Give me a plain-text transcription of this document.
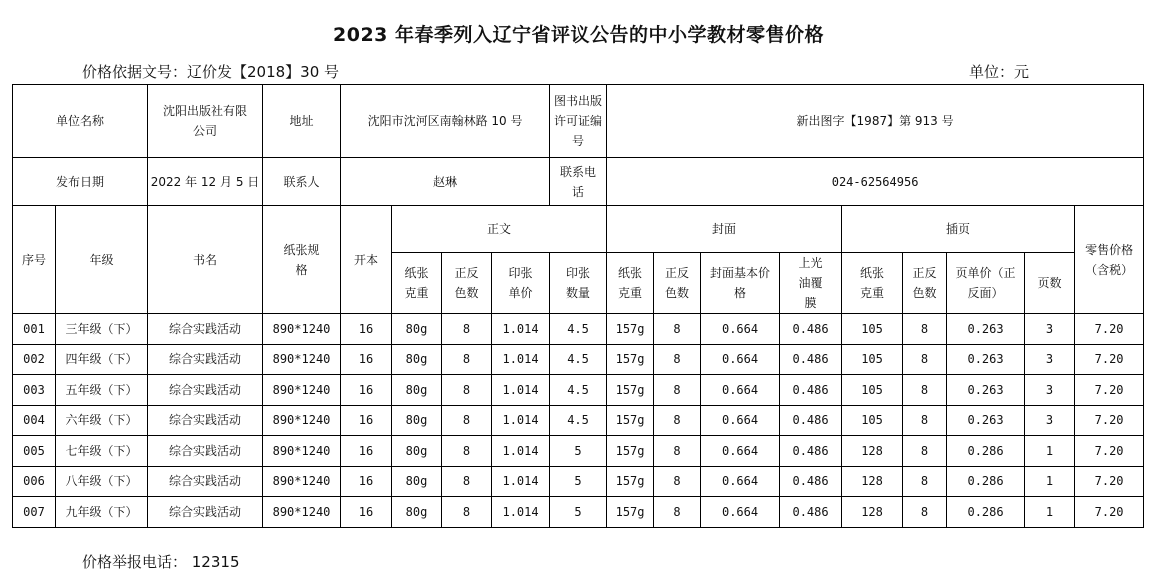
2023 年春季列入辽宁省评议公告的中小学教材零售价格
价格依据文号：辽价发【2018】30 号	单位：元
单位名称		沈阳出版社有限公司	地址	沈阳市沈河区南翰林路 10 号				图书出版许可证编号	新出图字【1987】第 913 号								
发布日期		2022 年 12 月 5 日	联系人	赵琳				联系电话	024-62564956								
序号	年级	书名	纸张规格	开本	正文				封面				插页				零售价格（含税）
					纸张克重	正反色数	印张单价	印张数量	纸张克重	正反色数	封面基本价格	上光油覆膜	纸张克重	正反色数	页单价（正反面）	页数	
001	三年级（下）	综合实践活动	890*1240	16	80g	8	1.014	4.5	157g	8	0.664	0.486	105	8	0.263	3	7.20
002	四年级（下）	综合实践活动	890*1240	16	80g	8	1.014	4.5	157g	8	0.664	0.486	105	8	0.263	3	7.20
003	五年级（下）	综合实践活动	890*1240	16	80g	8	1.014	4.5	157g	8	0.664	0.486	105	8	0.263	3	7.20
004	六年级（下）	综合实践活动	890*1240	16	80g	8	1.014	4.5	157g	8	0.664	0.486	105	8	0.263	3	7.20
005	七年级（下）	综合实践活动	890*1240	16	80g	8	1.014	5	157g	8	0.664	0.486	128	8	0.286	1	7.20
006	八年级（下）	综合实践活动	890*1240	16	80g	8	1.014	5	157g	8	0.664	0.486	128	8	0.286	1	7.20
007	九年级（下）	综合实践活动	890*1240	16	80g	8	1.014	5	157g	8	0.664	0.486	128	8	0.286	1	7.20
价格举报电话： 12315
